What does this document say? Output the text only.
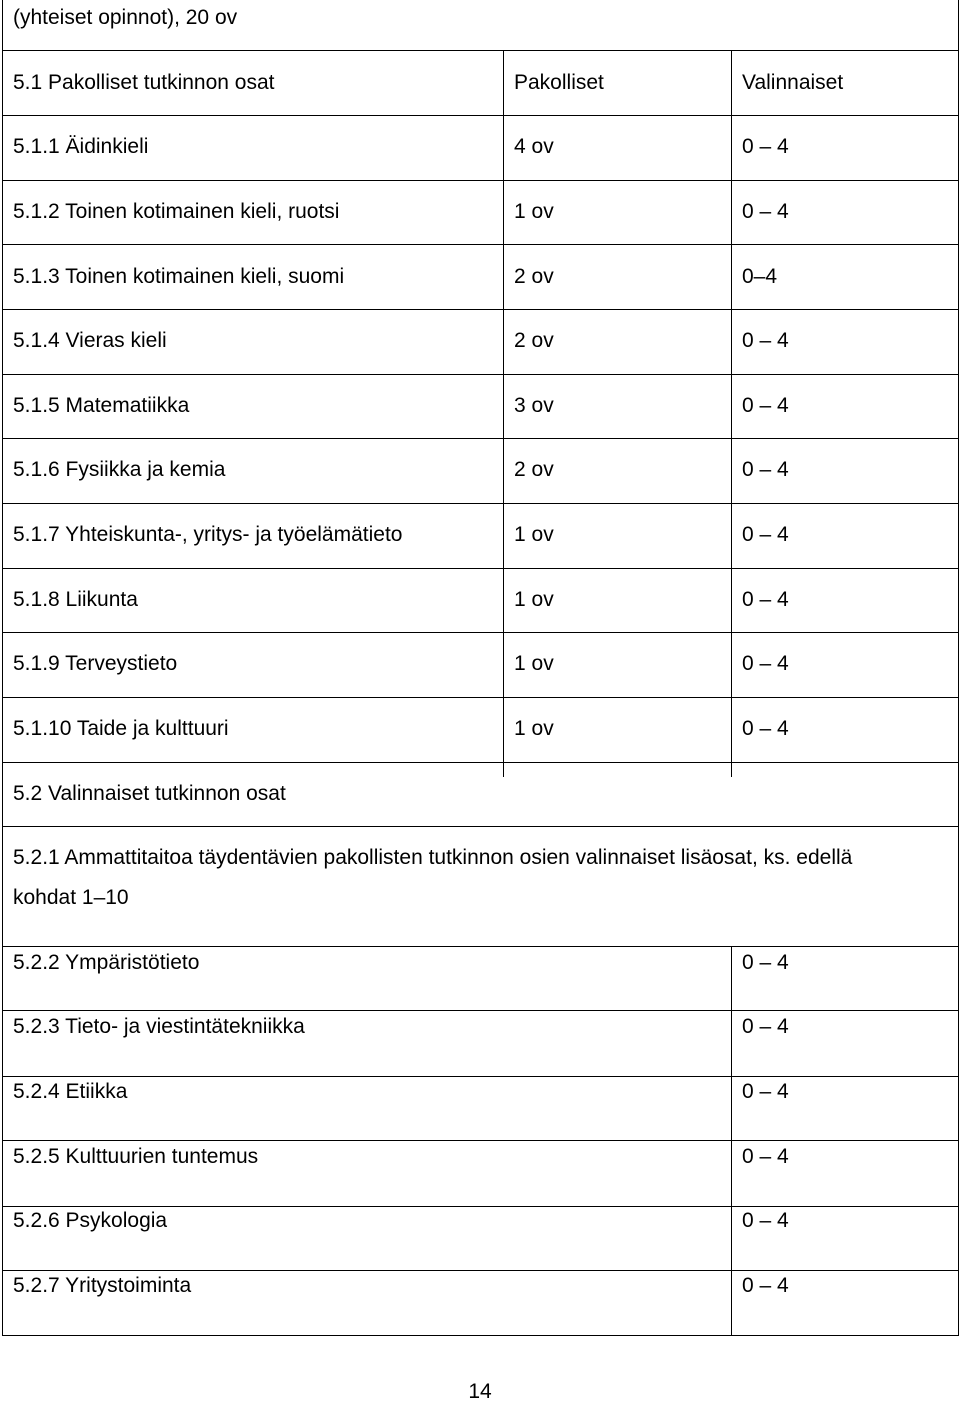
(yhteiset opinnot), 20 ov
5.1 Pakolliset tutkinnon osat	Pakolliset	Valinnaiset
5.1.1 Äidinkieli	4 ov	0 – 4
5.1.2 Toinen kotimainen kieli, ruotsi	1 ov	0 – 4
5.1.3 Toinen kotimainen kieli, suomi	2 ov	0–4
5.1.4 Vieras kieli	2 ov	0 – 4
5.1.5 Matematiikka	3 ov	0 – 4
5.1.6 Fysiikka ja kemia	2 ov	0 – 4
5.1.7 Yhteiskunta-, yritys- ja työelämätieto	1 ov	0 – 4
5.1.8 Liikunta	1 ov	0 – 4
5.1.9 Terveystieto	1 ov	0 – 4
5.1.10 Taide ja kulttuuri	1 ov	0 – 4
5.2 Valinnaiset tutkinnon osat
5.2.1 Ammattitaitoa täydentävien pakollisten tutkinnon osien valinnaiset lisäosat, ks. edellä
kohdat 1–10
5.2.2 Ympäristötieto	0 – 4
5.2.3 Tieto- ja viestintätekniikka	0 – 4
5.2.4 Etiikka	0 – 4
5.2.5 Kulttuurien tuntemus	0 – 4
5.2.6 Psykologia	0 – 4
5.2.7 Yritystoiminta	0 – 4
14
